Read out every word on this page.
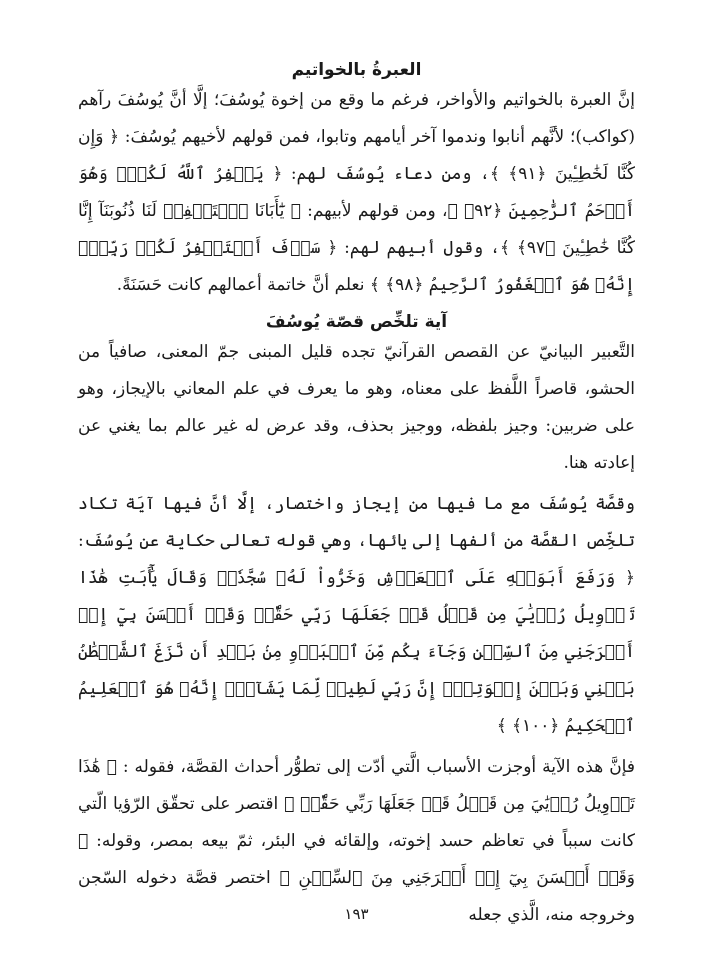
العبرةُ بالخواتيم

إنَّ العبرة بالخواتيم والأواخر، فرغم ما وقع من إخوة يُوسُفَ؛ إلَّا أنَّ يُوسُفَ رآهم (كواكب)؛ لأنَّهم أنابوا وندموا آخر أيامهم وتابوا، فمن قولهم لأخيهم يُوسُفَ: ﴿ وَإِن كُنَّا لَخَٰطِـِٔينَ ﴿٩١﴾ ﴾، ومن دعاء يُوسُفَ لهم: ﴿ يَغۡفِرُ ٱللَّهُ لَكُمۡۖ وَهُوَ أَرۡحَمُ ٱلرَّٰحِمِينَ ﴿٩٢﴾ ﴾، ومن قولهم لأبيهم: ﴿ يَٰٓأَبَانَا ٱسۡتَغۡفِرۡ لَنَا ذُنُوبَنَآ إِنَّا كُنَّا خَٰطِـِٔينَ ﴿٩٧﴾ ﴾، وقول أبيهم لهم: ﴿ سَوۡفَ أَسۡتَغۡفِرُ لَكُمۡ رَبِّيٓۖ إِنَّهُۥ هُوَ ٱلۡغَفُورُ ٱلرَّحِيمُ ﴿٩٨﴾ ﴾ نعلم أنَّ خاتمة أعمالهم كانت حَسَنَةً.

آية تلخِّص قصّة يُوسُفَ

التَّعبير البيانيّ عن القصص القرآنيّ تجده قليل المبنى جمّ المعنى، صافياً من الحشو، قاصراً اللَّفظ على معناه، وهو ما يعرف في علم المعاني بالإيجاز، وهو على ضربين: وجيز بلفظه، ووجيز بحذف، وقد عرض له غير عالم بما يغني عن إعادته هنا.

وقصَّة يُوسُفَ مع ما فيها من إيجاز واختصار، إلَّا أنَّ فيها آيَة تكاد تلخِّص القصَّة من ألفها إلى يائها، وهي قوله تعالى حكاية عن يُوسُفَ: ﴿ وَرَفَعَ أَبَوَيۡهِ عَلَى ٱلۡعَرۡشِ وَخَرُّواْ لَهُۥ سُجَّدٗاۖ وَقَالَ يَٰٓأَبَتِ هَٰذَا تَأۡوِيلُ رُءۡيَٰيَ مِن قَبۡلُ قَدۡ جَعَلَهَا رَبِّي حَقّٗاۖ وَقَدۡ أَحۡسَنَ بِيٓ إِذۡ أَخۡرَجَنِي مِنَ ٱلسِّجۡنِ وَجَآءَ بِكُم مِّنَ ٱلۡبَدۡوِ مِنۢ بَعۡدِ أَن نَّزَغَ ٱلشَّيۡطَٰنُ بَيۡنِي وَبَيۡنَ إِخۡوَتِيٓۚ إِنَّ رَبِّي لَطِيفٞ لِّمَا يَشَآءُۚ إِنَّهُۥ هُوَ ٱلۡعَلِيمُ ٱلۡحَكِيمُ ﴿١٠٠﴾ ﴾

فإنَّ هذه الآية أوجزت الأسباب الَّتي أدّت إلى تطوُّر أحداث القصَّة، فقوله : ﴿ هَٰذَا تَأۡوِيلُ رُءۡيَٰيَ مِن قَبۡلُ قَدۡ جَعَلَهَا رَبِّي حَقّٗاۖ ﴾ اقتصر على تحقّق الرّؤيا الّتي كانت سبباً في تعاظم حسد إخوته، وإلقائه في البئر، ثمّ بيعه بمصر، وقوله: ﴿ وَقَدۡ أَحۡسَنَ بِيٓ إِذۡ أَخۡرَجَنِي مِنَ ٱلسِّجۡنِ ﴾ اختصر قصَّة دخوله السّجن وخروجه منه، الَّذي جعله

١٩٣
